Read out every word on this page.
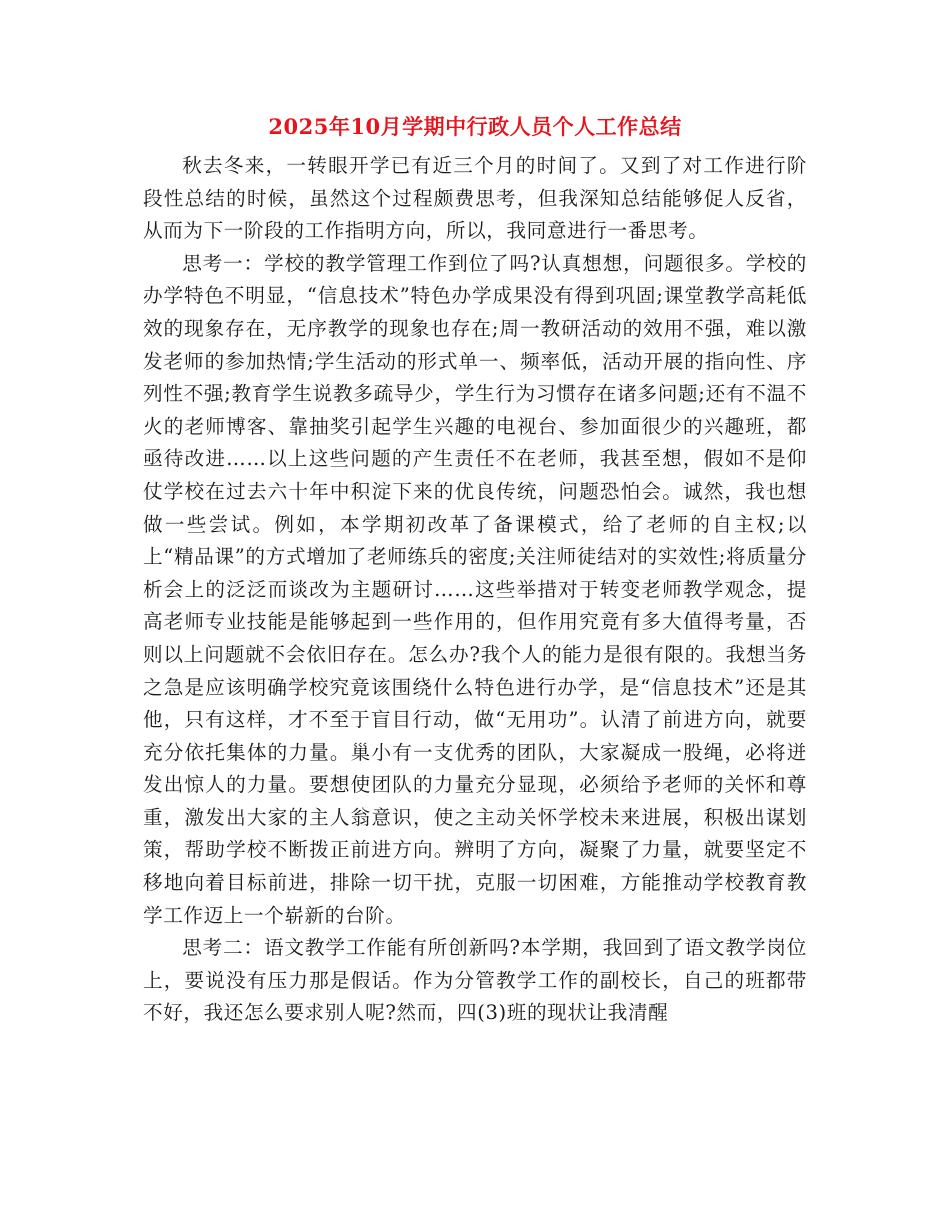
2025年10月学期中行政人员个人工作总结

秋去冬来，一转眼开学已有近三个月的时间了。又到了对工作进行阶段性总结的时候，虽然这个过程颇费思考，但我深知总结能够促人反省，从而为下一阶段的工作指明方向，所以，我同意进行一番思考。

思考一：学校的教学管理工作到位了吗?认真想想，问题很多。学校的办学特色不明显，“信息技术”特色办学成果没有得到巩固;课堂教学高耗低效的现象存在，无序教学的现象也存在;周一教研活动的效用不强，难以激发老师的参加热情;学生活动的形式单一、频率低，活动开展的指向性、序列性不强;教育学生说教多疏导少，学生行为习惯存在诸多问题;还有不温不火的老师博客、靠抽奖引起学生兴趣的电视台、参加面很少的兴趣班，都亟待改进……以上这些问题的产生责任不在老师，我甚至想，假如不是仰仗学校在过去六十年中积淀下来的优良传统，问题恐怕会。诚然，我也想做一些尝试。例如，本学期初改革了备课模式，给了老师的自主权;以上“精品课”的方式增加了老师练兵的密度;关注师徒结对的实效性;将质量分析会上的泛泛而谈改为主题研讨……这些举措对于转变老师教学观念，提高老师专业技能是能够起到一些作用的，但作用究竟有多大值得考量，否则以上问题就不会依旧存在。怎么办?我个人的能力是很有限的。我想当务之急是应该明确学校究竟该围绕什么特色进行办学，是“信息技术”还是其他，只有这样，才不至于盲目行动，做“无用功”。认清了前进方向，就要充分依托集体的力量。巢小有一支优秀的团队，大家凝成一股绳，必将迸发出惊人的力量。要想使团队的力量充分显现，必须给予老师的关怀和尊重，激发出大家的主人翁意识，使之主动关怀学校未来进展，积极出谋划策，帮助学校不断拨正前进方向。辨明了方向，凝聚了力量，就要坚定不移地向着目标前进，排除一切干扰，克服一切困难，方能推动学校教育教学工作迈上一个崭新的台阶。

思考二：语文教学工作能有所创新吗?本学期，我回到了语文教学岗位上，要说没有压力那是假话。作为分管教学工作的副校长，自己的班都带不好，我还怎么要求别人呢?然而，四(3)班的现状让我清醒
